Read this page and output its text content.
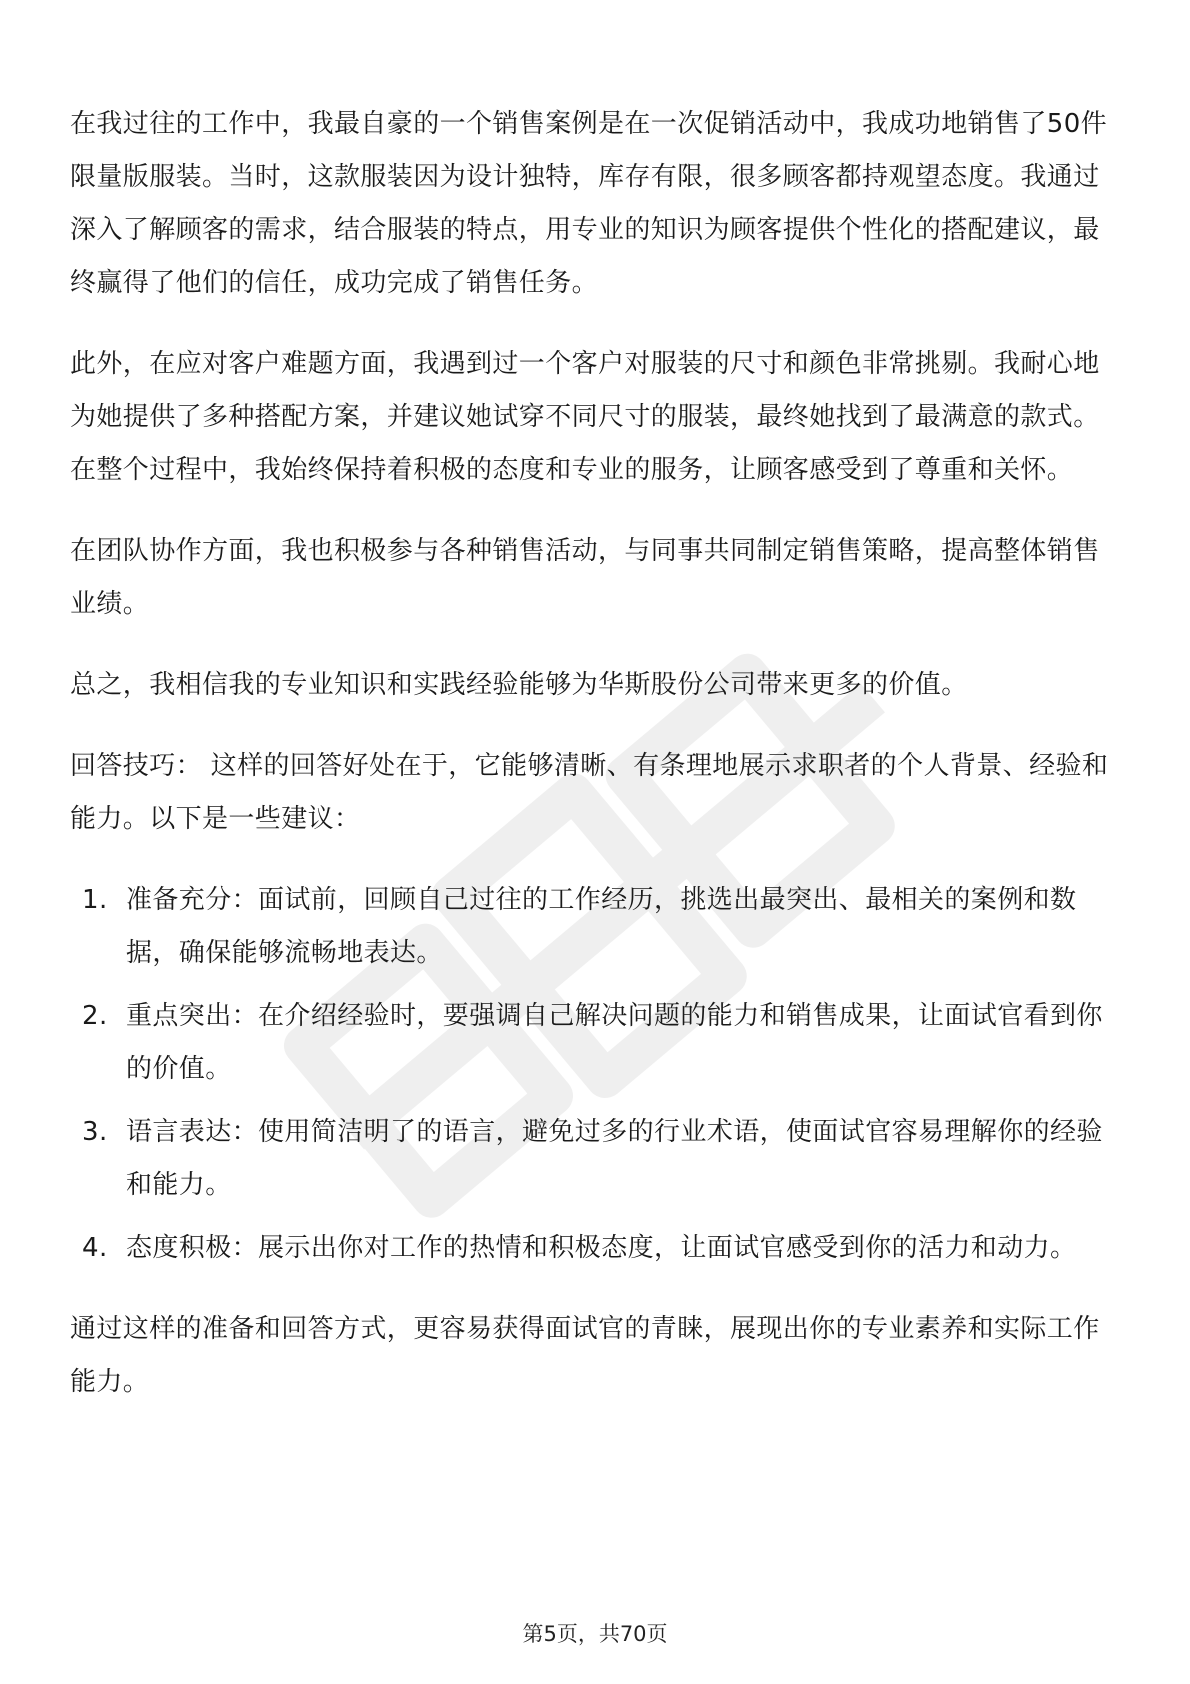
在我过往的工作中，我最自豪的一个销售案例是在一次促销活动中，我成功地销售了50件限量版服装。当时，这款服装因为设计独特，库存有限，很多顾客都持观望态度。我通过深入了解顾客的需求，结合服装的特点，用专业的知识为顾客提供个性化的搭配建议，最终赢得了他们的信任，成功完成了销售任务。

此外，在应对客户难题方面，我遇到过一个客户对服装的尺寸和颜色非常挑剔。我耐心地为她提供了多种搭配方案，并建议她试穿不同尺寸的服装，最终她找到了最满意的款式。在整个过程中，我始终保持着积极的态度和专业的服务，让顾客感受到了尊重和关怀。

在团队协作方面，我也积极参与各种销售活动，与同事共同制定销售策略，提高整体销售业绩。

总之，我相信我的专业知识和实践经验能够为华斯股份公司带来更多的价值。

回答技巧： 这样的回答好处在于，它能够清晰、有条理地展示求职者的个人背景、经验和能力。以下是一些建议：

1. 准备充分：面试前，回顾自己过往的工作经历，挑选出最突出、最相关的案例和数据，确保能够流畅地表达。
2. 重点突出：在介绍经验时，要强调自己解决问题的能力和销售成果，让面试官看到你的价值。
3. 语言表达：使用简洁明了的语言，避免过多的行业术语，使面试官容易理解你的经验和能力。
4. 态度积极：展示出你对工作的热情和积极态度，让面试官感受到你的活力和动力。

通过这样的准备和回答方式，更容易获得面试官的青睐，展现出你的专业素养和实际工作能力。

第5页，共70页
